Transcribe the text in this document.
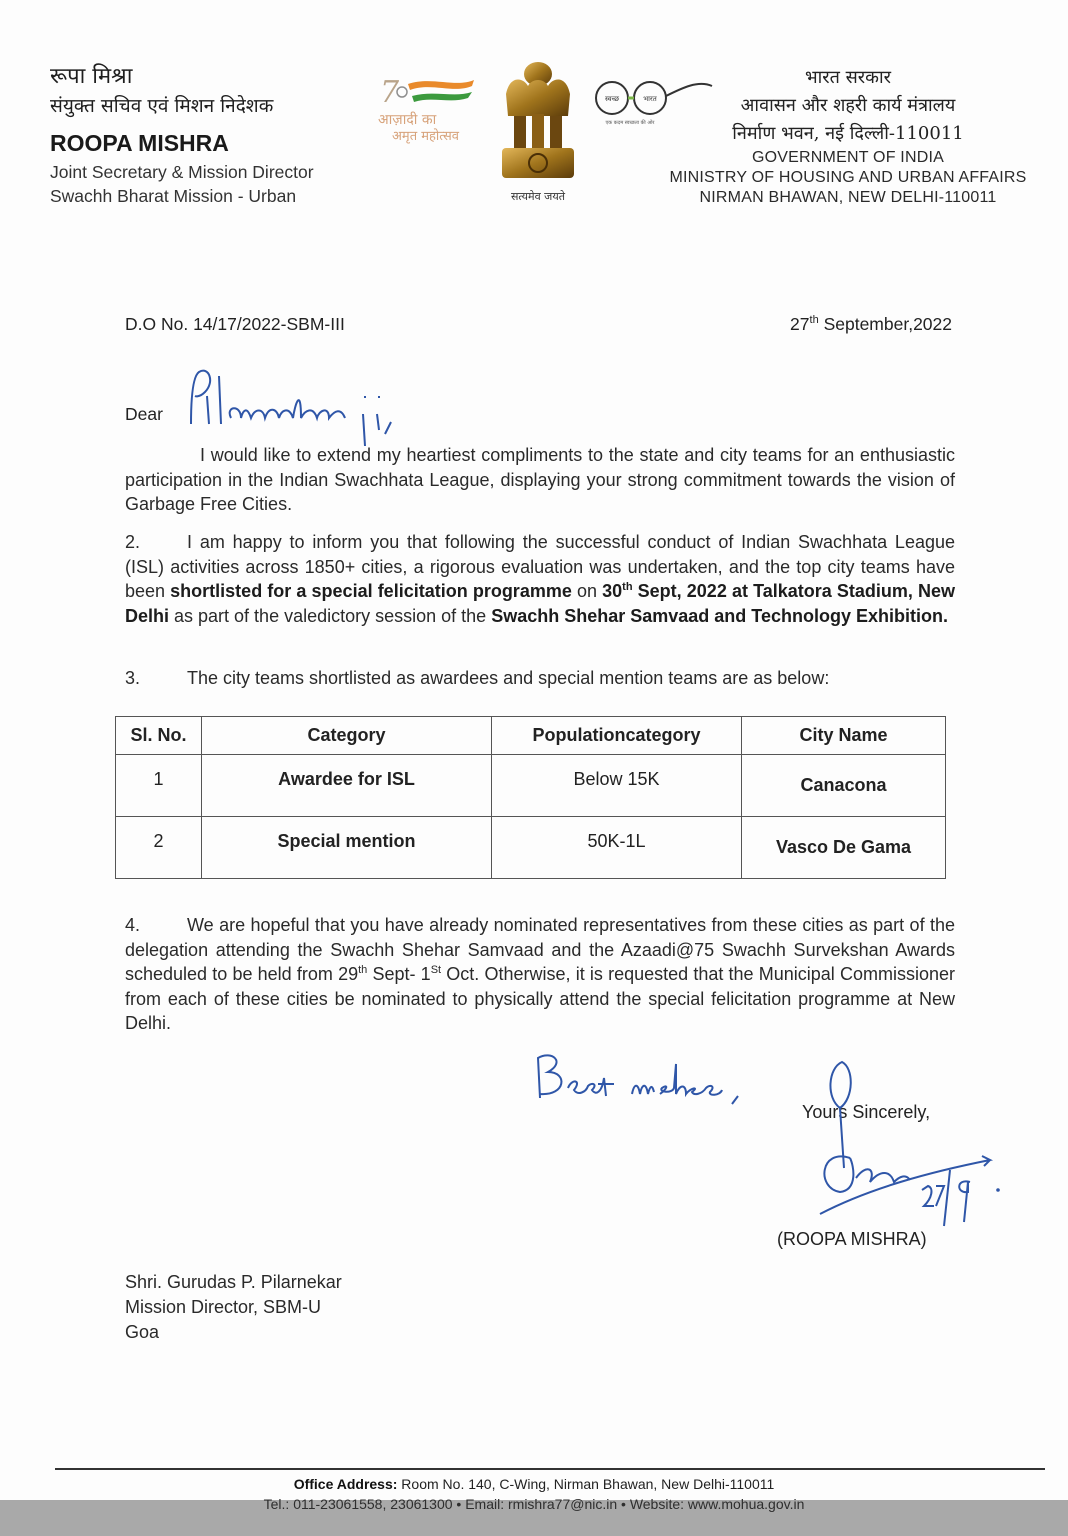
रूपा मिश्रा
संयुक्त सचिव एवं मिशन निदेशक
ROOPA MISHRA
Joint Secretary & Mission Director
Swachh Bharat Mission - Urban
7
आज़ादी का
अमृत महोत्सव
सत्यमेव जयते
स्वच्छ	भारत
एक कदम स्वच्छता की ओर
भारत सरकार
आवासन और शहरी कार्य मंत्रालय
निर्माण भवन, नई दिल्ली-110011
GOVERNMENT OF INDIA
MINISTRY OF HOUSING AND URBAN AFFAIRS
NIRMAN BHAWAN, NEW DELHI-110011
D.O No. 14/17/2022-SBM-III	27th September,2022
Dear

I would like to extend my heartiest compliments to the state and city teams for an enthusiastic participation in the Indian Swachhata League, displaying your strong commitment towards the vision of Garbage Free Cities.

2.	I am happy to inform you that following the successful conduct of Indian Swachhata League (ISL) activities across 1850+ cities, a rigorous evaluation was undertaken, and the top city teams have been shortlisted for a special felicitation programme on 30th Sept, 2022 at Talkatora Stadium, New Delhi as part of the valedictory session of the Swachh Shehar Samvaad and Technology Exhibition.

3.	The city teams shortlisted as awardees and special mention teams are as below:

Sl. No.	Category	Populationcategory	City Name
1	Awardee for ISL	Below 15K	Canacona
2	Special mention	50K-1L	Vasco De Gama

4.	We are hopeful that you have already nominated representatives from these cities as part of the delegation attending the Swachh Shehar Samvaad and the Azaadi@75 Swachh Survekshan Awards scheduled to be held from 29th Sept- 1St Oct. Otherwise, it is requested that the Municipal Commissioner from each of these cities be nominated to physically attend the special felicitation programme at New Delhi.

Yours Sincerely,
(ROOPA MISHRA)
Shri. Gurudas P. Pilarnekar
Mission Director, SBM-U
Goa
Office Address: Room No. 140, C-Wing, Nirman Bhawan, New Delhi-110011
Tel.: 011-23061558, 23061300 • Email: rmishra77@nic.in • Website: www.mohua.gov.in
